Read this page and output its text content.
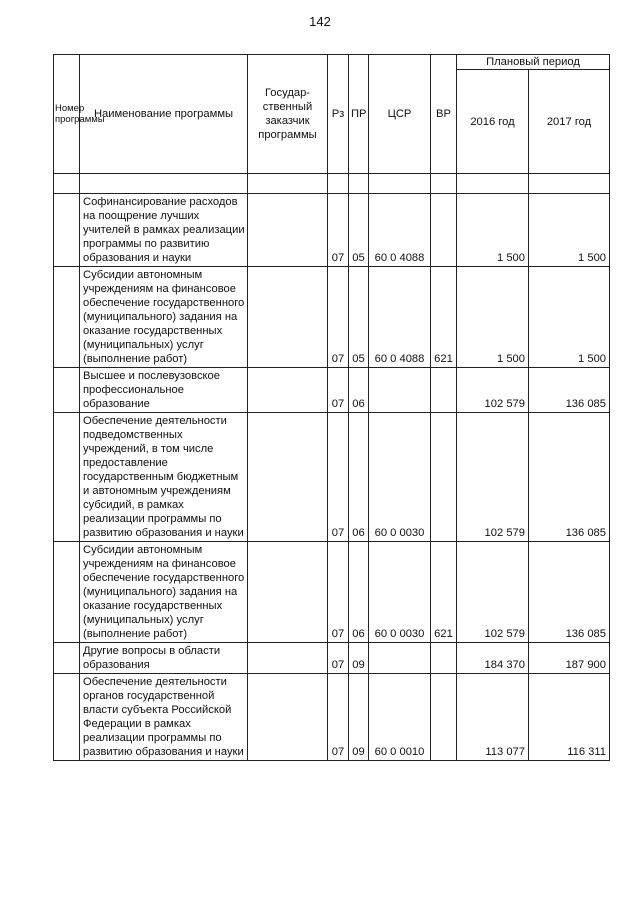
142
Номер программы	Наименование программы	Государ-ственный заказчик программы	Рз	ПР	ЦСР	ВР	Плановый период	
							2016 год	2017 год

	Софинансирование расходов на поощрение лучших учителей в рамках реализации программы по развитию образования и науки		07	05	60 0 4088		1 500	1 500
	Субсидии автономным учреждениям на финансовое обеспечение государственного (муниципального) задания на оказание государственных (муниципальных) услуг (выполнение работ)		07	05	60 0 4088	621	1 500	1 500
	Высшее и послевузовское профессиональное образование		07	06			102 579	136 085
	Обеспечение деятельности подведомственных учреждений, в том числе предоставление государственным бюджетным и автономным учреждениям субсидий, в рамках реализации программы по развитию образования и науки		07	06	60 0 0030		102 579	136 085
	Субсидии автономным учреждениям на финансовое обеспечение государственного (муниципального) задания на оказание государственных (муниципальных) услуг (выполнение работ)		07	06	60 0 0030	621	102 579	136 085
	Другие вопросы в области образования		07	09			184 370	187 900
	Обеспечение деятельности органов государственной власти субъекта Российской Федерации в рамках реализации программы по развитию образования и науки		07	09	60 0 0010		113 077	116 311
